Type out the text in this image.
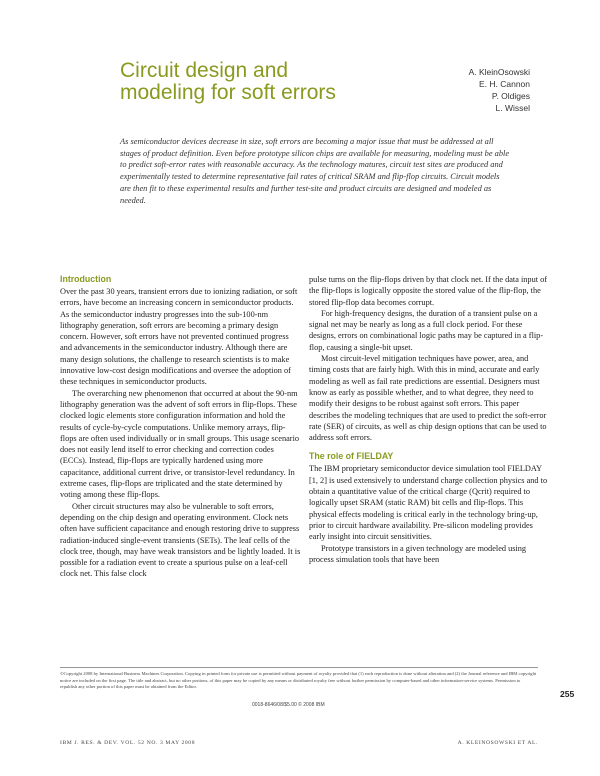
Circuit design and modeling for soft errors
A. KleinOsowski
E. H. Cannon
P. Oldiges
L. Wissel

As semiconductor devices decrease in size, soft errors are becoming a major issue that must be addressed at all stages of product definition. Even before prototype silicon chips are available for measuring, modeling must be able to predict soft-error rates with reasonable accuracy. As the technology matures, circuit test sites are produced and experimentally tested to determine representative fail rates of critical SRAM and flip-flop circuits. Circuit models are then fit to these experimental results and further test-site and product circuits are designed and modeled as needed.

Introduction

Over the past 30 years, transient errors due to ionizing radiation, or soft errors, have become an increasing concern in semiconductor products. As the semiconductor industry progresses into the sub-100-nm lithography generation, soft errors are becoming a primary design concern. However, soft errors have not prevented continued progress and advancements in the semiconductor industry. Although there are many design solutions, the challenge to research scientists is to make innovative low-cost design modifications and oversee the adoption of these techniques in semiconductor products.

The overarching new phenomenon that occurred at about the 90-nm lithography generation was the advent of soft errors in flip-flops. These clocked logic elements store configuration information and hold the results of cycle-by-cycle computations. Unlike memory arrays, flip-flops are often used individually or in small groups. This usage scenario does not easily lend itself to error checking and correction codes (ECCs). Instead, flip-flops are typically hardened using more capacitance, additional current drive, or transistor-level redundancy. In extreme cases, flip-flops are triplicated and the state determined by voting among these flip-flops.

Other circuit structures may also be vulnerable to soft errors, depending on the chip design and operating environment. Clock nets often have sufficient capacitance and enough restoring drive to suppress radiation-induced single-event transients (SETs). The leaf cells of the clock tree, though, may have weak transistors and be lightly loaded. It is possible for a radiation event to create a spurious pulse on a leaf-cell clock net. This false clock

pulse turns on the flip-flops driven by that clock net. If the data input of the flip-flops is logically opposite the stored value of the flip-flop, the stored flip-flop data becomes corrupt.

For high-frequency designs, the duration of a transient pulse on a signal net may be nearly as long as a full clock period. For these designs, errors on combinational logic paths may be captured in a flip-flop, causing a single-bit upset.

Most circuit-level mitigation techniques have power, area, and timing costs that are fairly high. With this in mind, accurate and early modeling as well as fail rate predictions are essential. Designers must know as early as possible whether, and to what degree, they need to modify their designs to be robust against soft errors. This paper describes the modeling techniques that are used to predict the soft-error rate (SER) of circuits, as well as chip design options that can be used to address soft errors.

The role of FIELDAY

The IBM proprietary semiconductor device simulation tool FIELDAY [1, 2] is used extensively to understand charge collection physics and to obtain a quantitative value of the critical charge (Qcrit) required to logically upset SRAM (static RAM) bit cells and flip-flops. This physical effects modeling is critical early in the technology bring-up, prior to circuit hardware availability. Pre-silicon modeling provides early insight into circuit sensitivities.

Prototype transistors in a given technology are modeled using process simulation tools that have been

©Copyright 2008 by International Business Machines Corporation. Copying in printed form for private use is permitted without payment of royalty provided that (1) each reproduction is done without alteration and (2) the Journal reference and IBM copyright notice are included on the first page. The title and abstract, but no other portions, of this paper may be copied by any means or distributed royalty free without further permission by computer-based and other information-service systems. Permission to republish any other portion of this paper must be obtained from the Editor.
0018-8646/08/$5.00 © 2008 IBM
255
IBM J. RES. & DEV. VOL. 52 NO. 3 MAY 2008	A. KLEINOSOWSKI ET AL.
